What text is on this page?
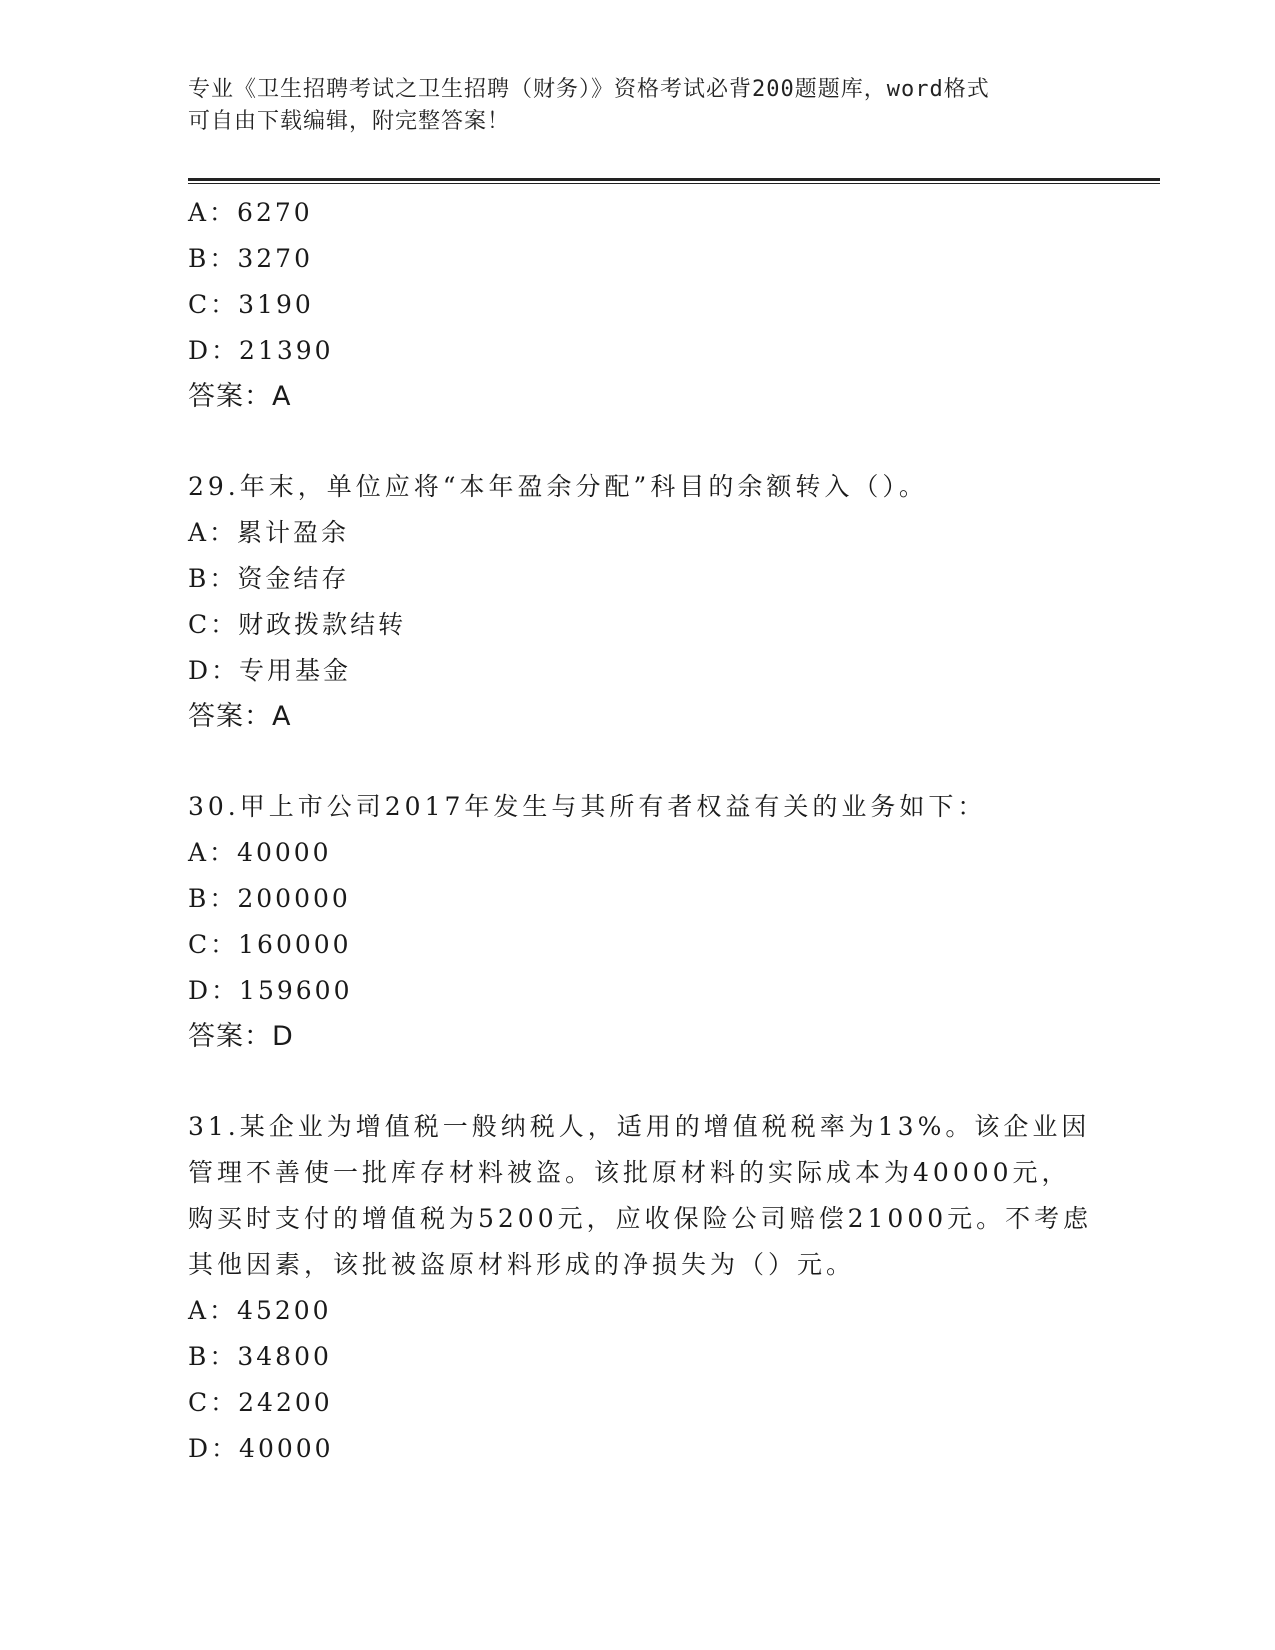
专业《卫生招聘考试之卫生招聘（财务）》资格考试必背200题题库，word格式
可自由下载编辑，附完整答案！
A：6270
B：3270
C：3190
D：21390
答案：A
29.年末，单位应将“本年盈余分配”科目的余额转入（）。
A：累计盈余
B：资金结存
C：财政拨款结转
D：专用基金
答案：A
30.甲上市公司2017年发生与其所有者权益有关的业务如下：
A：40000
B：200000
C：160000
D：159600
答案：D
31.某企业为增值税一般纳税人，适用的增值税税率为13%。该企业因
管理不善使一批库存材料被盗。该批原材料的实际成本为40000元，
购买时支付的增值税为5200元，应收保险公司赔偿21000元。不考虑
其他因素，该批被盗原材料形成的净损失为（）元。
A：45200
B：34800
C：24200
D：40000
